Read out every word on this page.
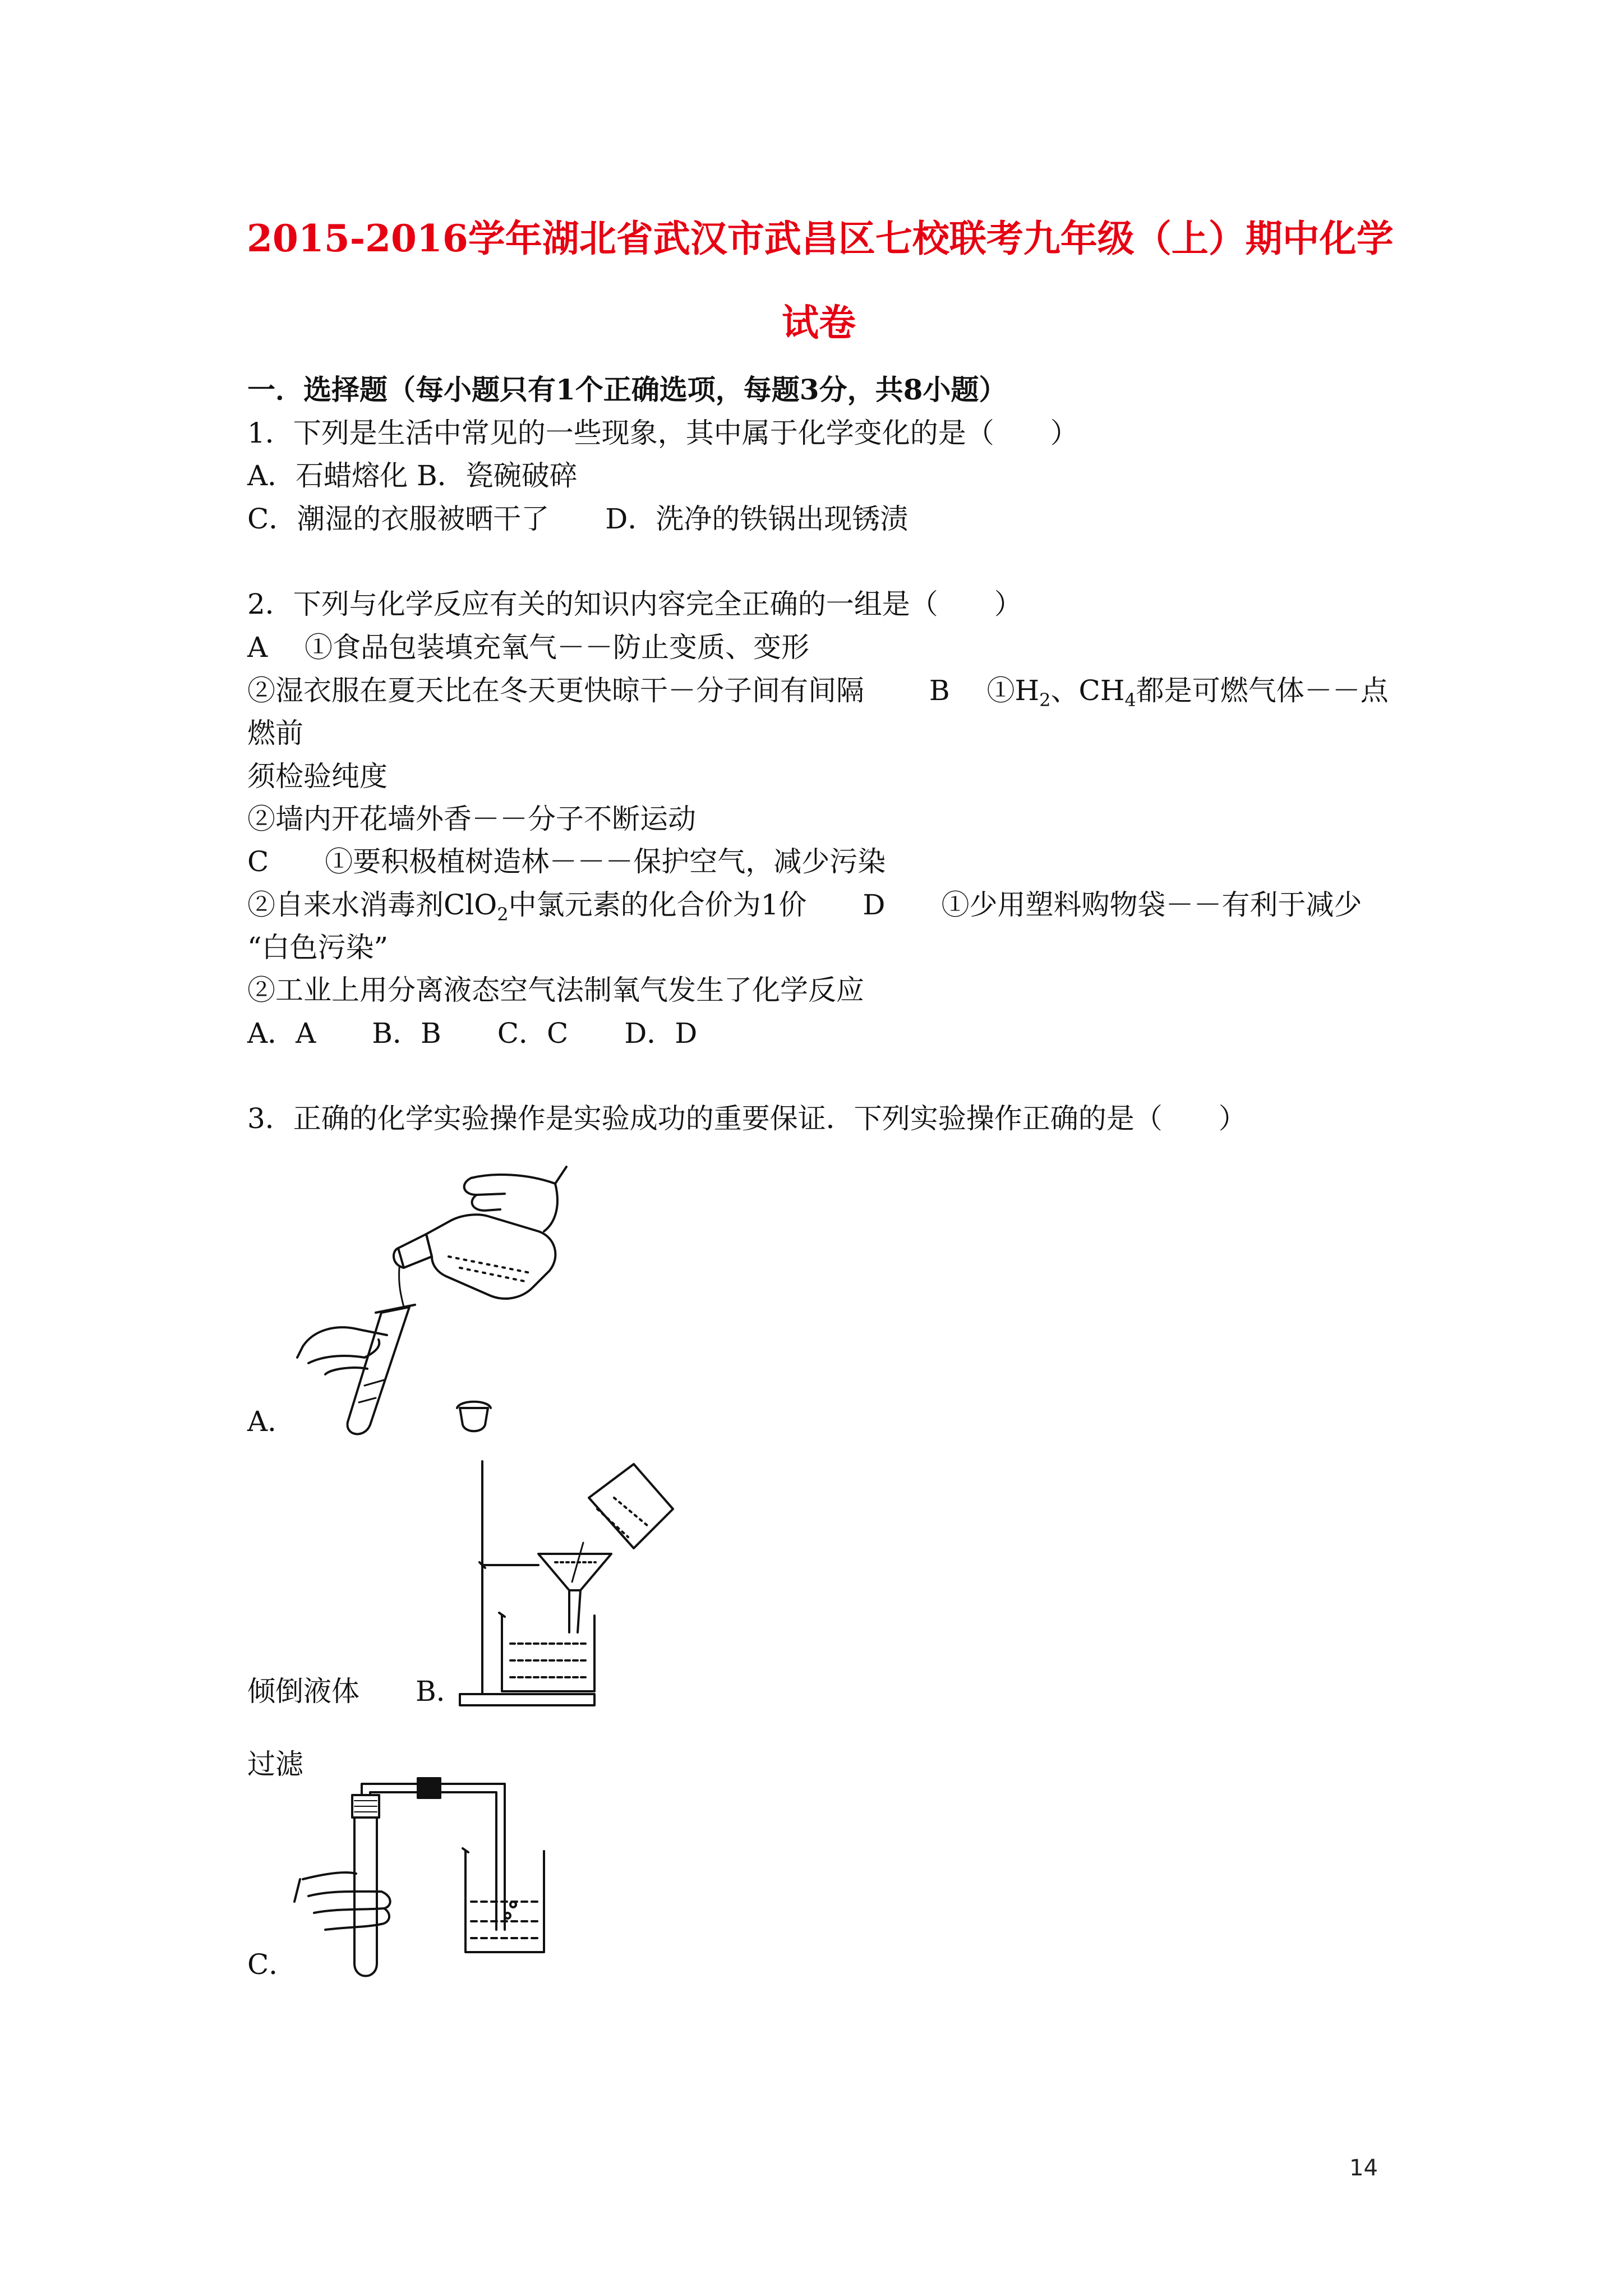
2015-2016学年湖北省武汉市武昌区七校联考九年级（上）期中化学
试卷
一．选择题（每小题只有1个正确选项，每题3分，共8小题）
1．下列是生活中常见的一些现象，其中属于化学变化的是（　　）
A．石蜡熔化 B．瓷碗破碎
C．潮湿的衣服被晒干了　　D．洗净的铁锅出现锈渍
2．下列与化学反应有关的知识内容完全正确的一组是（　　）
A　 ①食品包装填充氧气－－防止变质、变形
②湿衣服在夏天比在冬天更快晾干－分子间有间隔　　 B　 $①H_2$、$CH_4$都是可燃气体－－点
燃前
须检验纯度
②墙内开花墙外香－－分子不断运动
C　　①要积极植树造林－－－保护空气，减少污染
②自来水消毒剂ClO$_2$中氯元素的化合价为1价　　D　　①少用塑料购物袋－－有利于减少
“白色污染”
②工业上用分离液态空气法制氧气发生了化学反应
A．A　　B．B　　C．C　　D．D
3．正确的化学实验操作是实验成功的重要保证．下列实验操作正确的是（　　）
A．
倾倒液体　　 B．
过滤
C．
14
